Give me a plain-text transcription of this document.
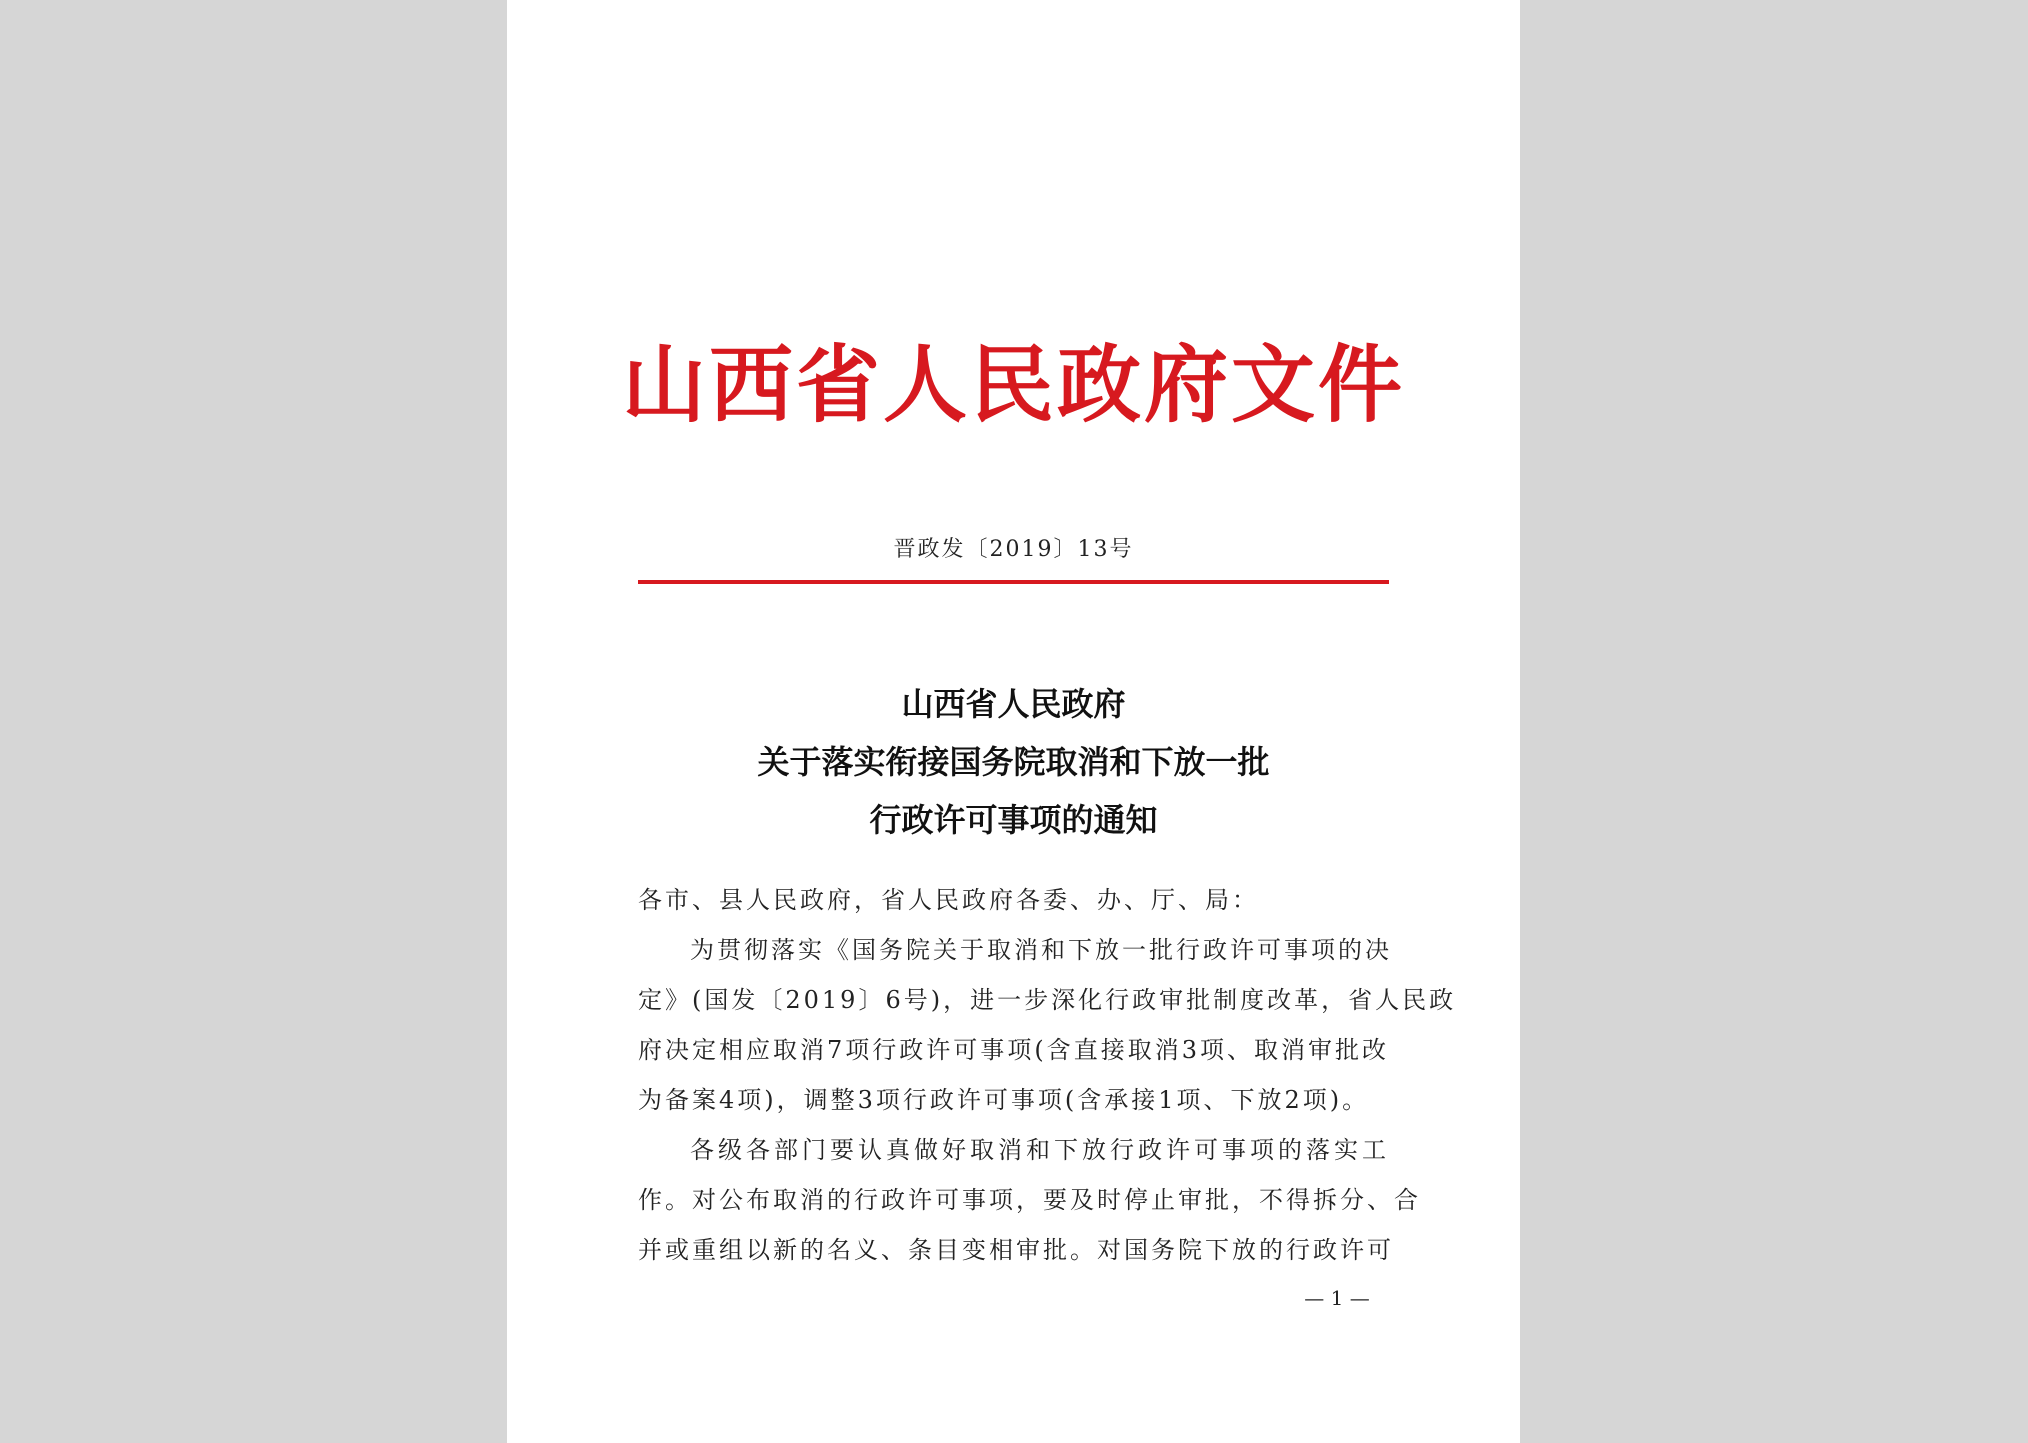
山西省人民政府文件
晋政发〔2019〕13号
山西省人民政府
关于落实衔接国务院取消和下放一批
行政许可事项的通知
各市、县人民政府，省人民政府各委、办、厅、局：
为贯彻落实《国务院关于取消和下放一批行政许可事项的决
定》(国发〔2019〕6号)，进一步深化行政审批制度改革，省人民政
府决定相应取消7项行政许可事项(含直接取消3项、取消审批改
为备案4项)，调整3项行政许可事项(含承接1项、下放2项)。
各级各部门要认真做好取消和下放行政许可事项的落实工
作。对公布取消的行政许可事项，要及时停止审批，不得拆分、合
并或重组以新的名义、条目变相审批。对国务院下放的行政许可
— 1 —
